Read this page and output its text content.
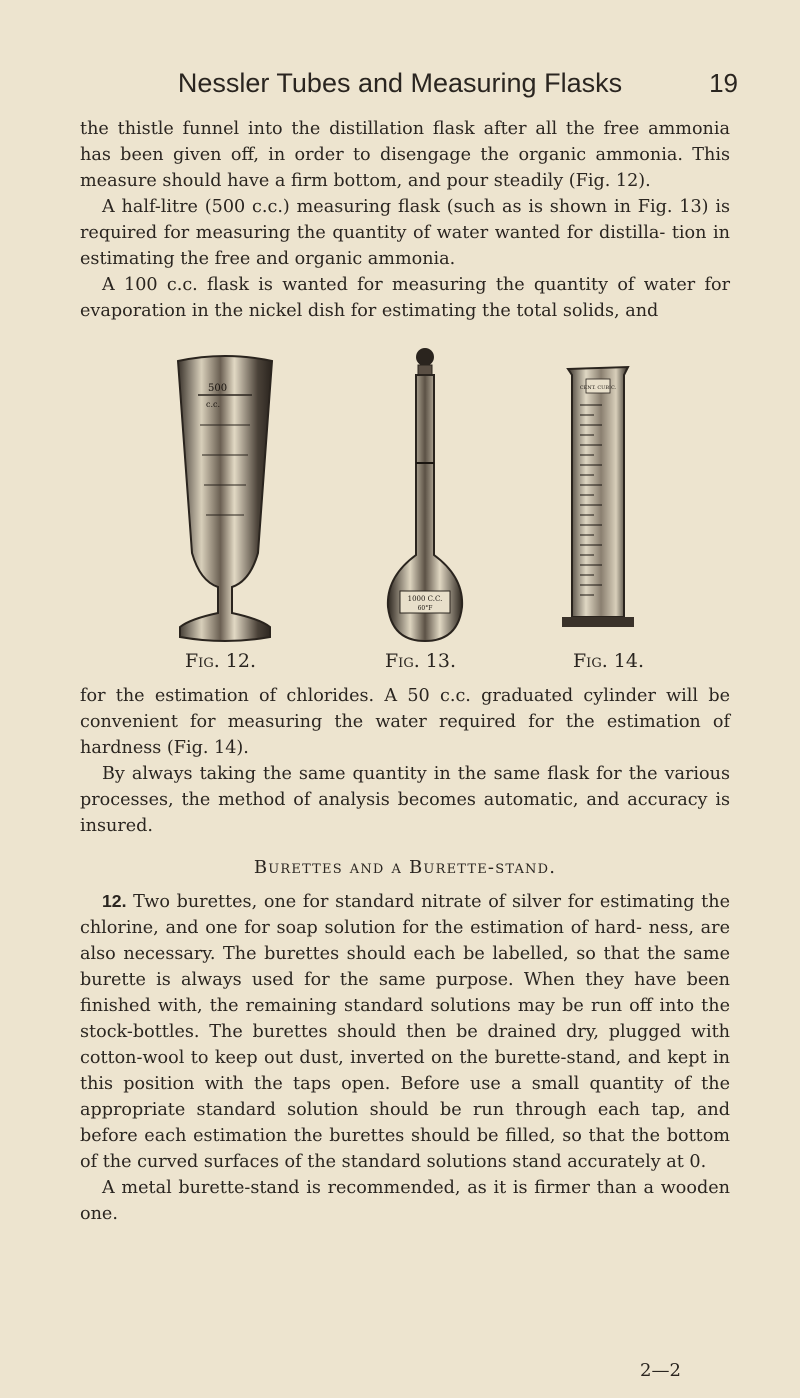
Nessler Tubes and Measuring Flasks	19

the thistle funnel into the distillation flask after all the free ammonia has been given off, in order to disengage the organic ammonia. This measure should have a firm bottom, and pour steadily (Fig. 12).

A half-litre (500 c.c.) measuring flask (such as is shown in Fig. 13) is required for measuring the quantity of water wanted for distilla- tion in estimating the free and organic ammonia.

A 100 c.c. flask is wanted for measuring the quantity of water for evaporation in the nickel dish for estimating the total solids, and

500
c.c.
Fig. 12.
1000 C.C.
60°F
Fig. 13.
CENT. CUBIC.
Fig. 14.

for the estimation of chlorides. A 50 c.c. graduated cylinder will be convenient for measuring the water required for the estimation of hardness (Fig. 14).

By always taking the same quantity in the same flask for the various processes, the method of analysis becomes automatic, and accuracy is insured.

Burettes and a Burette-stand.

12. Two burettes, one for standard nitrate of silver for estimating the chlorine, and one for soap solution for the estimation of hard- ness, are also necessary. The burettes should each be labelled, so that the same burette is always used for the same purpose. When they have been finished with, the remaining standard solutions may be run off into the stock-bottles. The burettes should then be drained dry, plugged with cotton-wool to keep out dust, inverted on the burette-stand, and kept in this position with the taps open. Before use a small quantity of the appropriate standard solution should be run through each tap, and before each estimation the burettes should be filled, so that the bottom of the curved surfaces of the standard solutions stand accurately at 0.

A metal burette-stand is recommended, as it is firmer than a wooden one.

2—2
